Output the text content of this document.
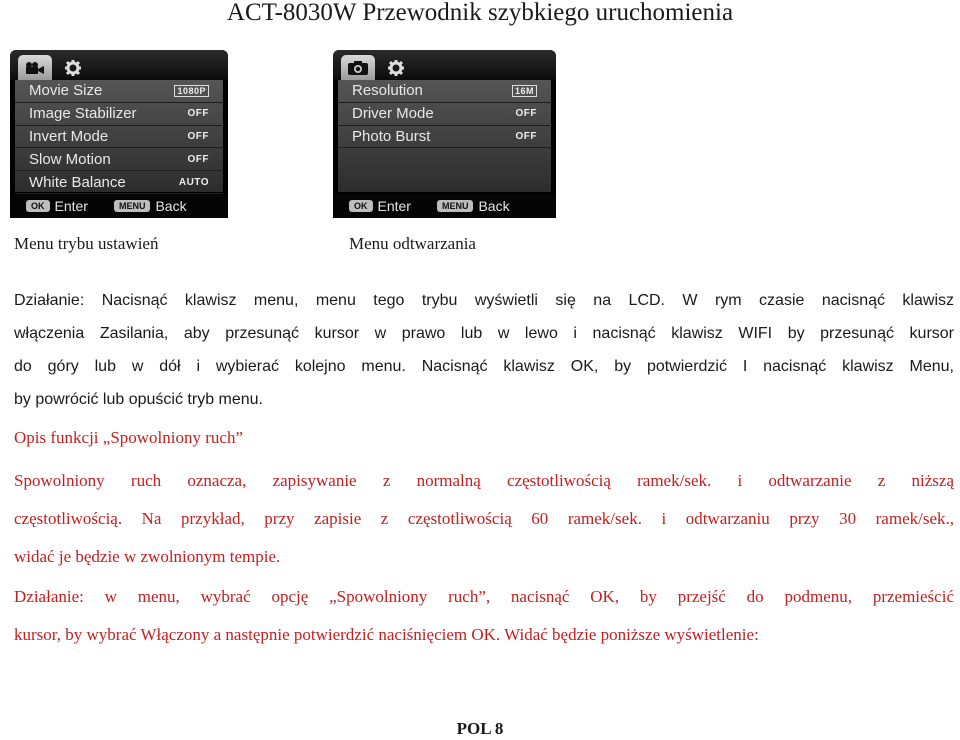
ACT-8030W Przewodnik szybkiego uruchomienia
Movie Size	1080P
Image Stabilizer	OFF
Invert Mode	OFF
Slow Motion	OFF
White Balance	AUTO
OK Enter	MENU Back
Resolution	16M
Driver Mode	OFF
Photo Burst	OFF
OK Enter	MENU Back
Menu trybu ustawień	Menu odtwarzania
Działanie: Nacisnąć klawisz menu, menu tego trybu wyświetli się na LCD. W rym czasie nacisnąć klawisz
włączenia Zasilania, aby przesunąć kursor w prawo lub w lewo i nacisnąć klawisz WIFI by przesunąć kursor
do góry lub w dół i wybierać kolejno menu. Nacisnąć klawisz OK, by potwierdzić I nacisnąć klawisz Menu,
by powrócić lub opuścić tryb menu.
Opis funkcji „Spowolniony ruch”
Spowolniony ruch oznacza, zapisywanie z normalną częstotliwością ramek/sek. i odtwarzanie z niższą
częstotliwością. Na przykład, przy zapisie z częstotliwością 60 ramek/sek. i odtwarzaniu przy 30 ramek/sek.,
widać je będzie w zwolnionym tempie.
Działanie: w menu, wybrać opcję „Spowolniony ruch”, nacisnąć OK, by przejść do podmenu, przemieścić
kursor, by wybrać Włączony a następnie potwierdzić naciśnięciem OK. Widać będzie poniższe wyświetlenie:
POL 8
